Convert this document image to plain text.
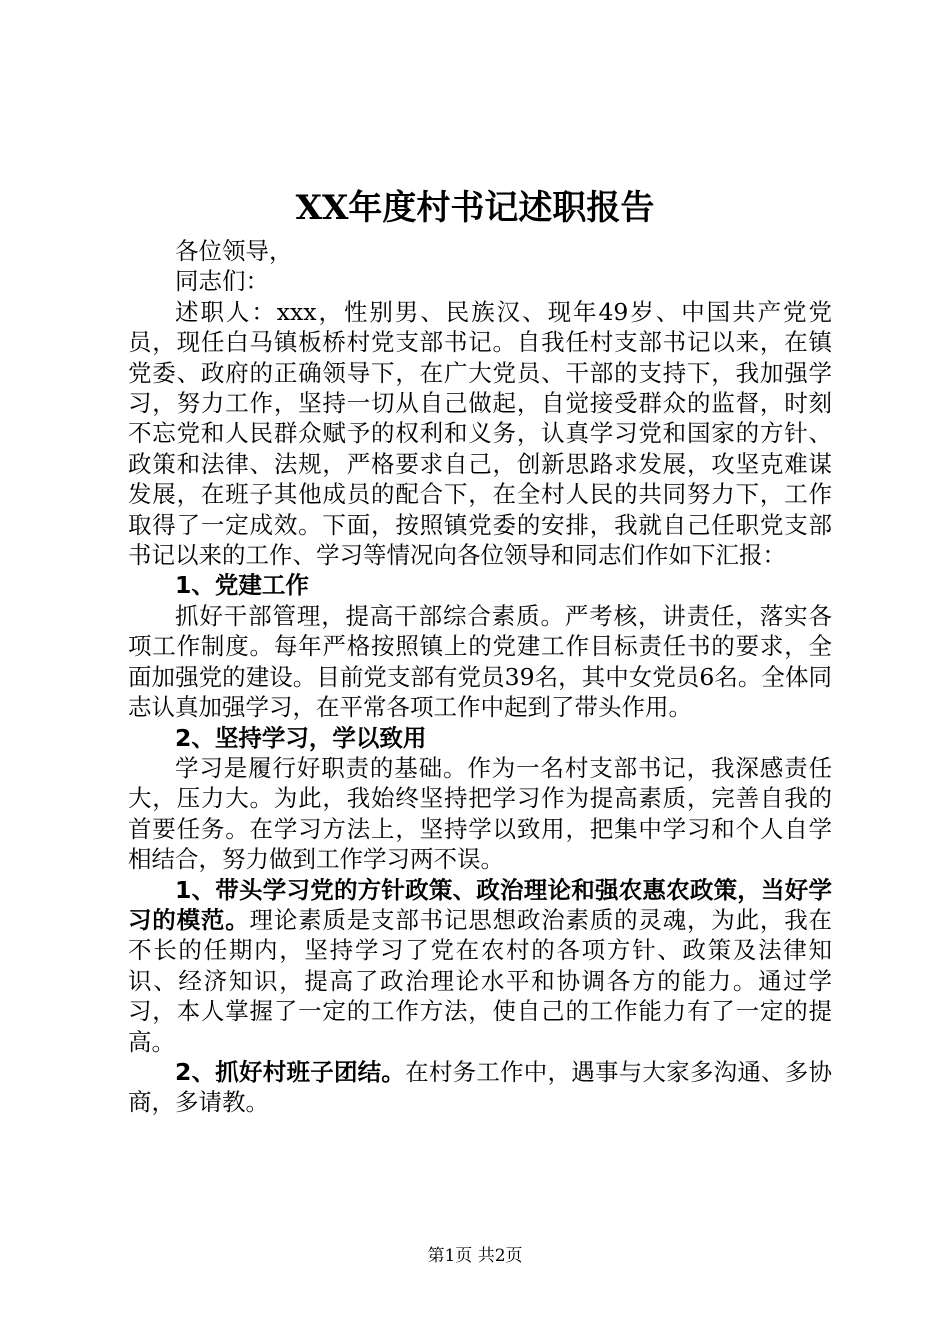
XX年度村书记述职报告

各位领导，

同志们：

述职人：xxx，性别男、民族汉、现年49岁、中国共产党党员，现任白马镇板桥村党支部书记。自我任村支部书记以来，在镇党委、政府的正确领导下，在广大党员、干部的支持下，我加强学习，努力工作，坚持一切从自己做起，自觉接受群众的监督，时刻不忘党和人民群众赋予的权利和义务，认真学习党和国家的方针、政策和法律、法规，严格要求自己，创新思路求发展，攻坚克难谋发展，在班子其他成员的配合下，在全村人民的共同努力下，工作取得了一定成效。下面，按照镇党委的安排，我就自己任职党支部书记以来的工作、学习等情况向各位领导和同志们作如下汇报：

1、党建工作

抓好干部管理，提高干部综合素质。严考核，讲责任，落实各项工作制度。每年严格按照镇上的党建工作目标责任书的要求，全面加强党的建设。目前党支部有党员39名，其中女党员6名。全体同志认真加强学习，在平常各项工作中起到了带头作用。

2、坚持学习，学以致用

学习是履行好职责的基础。作为一名村支部书记，我深感责任大，压力大。为此，我始终坚持把学习作为提高素质，完善自我的首要任务。在学习方法上，坚持学以致用，把集中学习和个人自学相结合，努力做到工作学习两不误。

1、带头学习党的方针政策、政治理论和强农惠农政策，当好学习的模范。理论素质是支部书记思想政治素质的灵魂，为此，我在不长的任期内，坚持学习了党在农村的各项方针、政策及法律知识、经济知识，提高了政治理论水平和协调各方的能力。通过学习，本人掌握了一定的工作方法，使自己的工作能力有了一定的提高。

2、抓好村班子团结。在村务工作中，遇事与大家多沟通、多协商，多请教。

第1页 共2页
